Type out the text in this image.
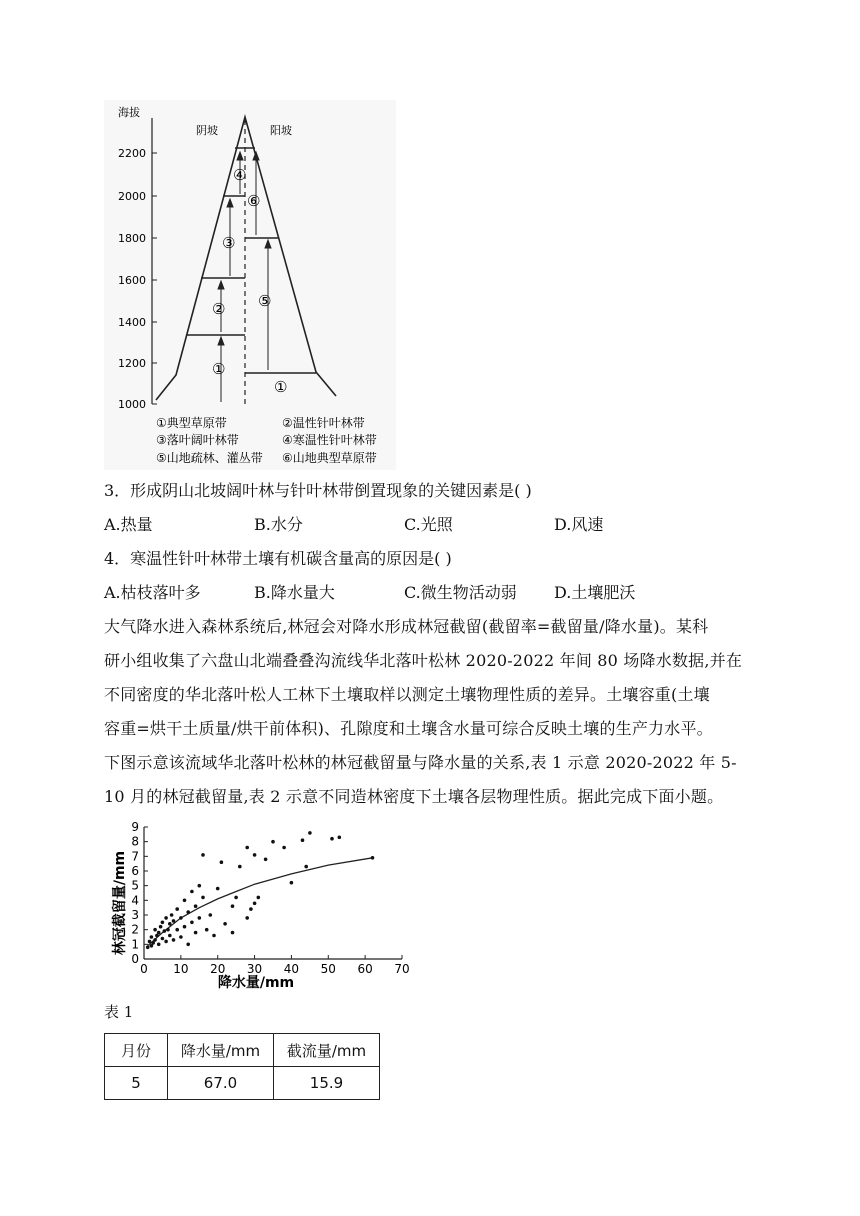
海拔
2200
2000
1800
1600
1400
1200
1000
阴坡	阳坡
④
③
②
①
⑥
⑤
①
①典型草原带	②温性针叶林带
③落叶阔叶林带	④寒温性针叶林带
⑤山地疏林、灌丛带 ⑥山地典型草原带
3．形成阴山北坡阔叶林与针叶林带倒置现象的关键因素是( )
A.热量	B.水分	C.光照	D.风速
4．寒温性针叶林带土壤有机碳含量高的原因是( )
A.枯枝落叶多	B.降水量大	C.微生物活动弱 D.土壤肥沃
大气降水进入森林系统后,林冠会对降水形成林冠截留(截留率=截留量/降水量)。某科
研小组收集了六盘山北端叠叠沟流线华北落叶松林 2020-2022 年间 80 场降水数据,并在
不同密度的华北落叶松人工林下土壤取样以测定土壤物理性质的差异。土壤容重(土壤
容重=烘干土质量/烘干前体积)、孔隙度和土壤含水量可综合反映土壤的生产力水平。
下图示意该流域华北落叶松林的林冠截留量与降水量的关系,表 1 示意 2020-2022 年 5-
10 月的林冠截留量,表 2 示意不同造林密度下土壤各层物理性质。据此完成下面小题。
林冠截留量/mm
降水量/mm
0 10 20 30 40 50 60 70
0
1
2
3
4
5
6
7
8
9
表 1
月份	降水量/mm	截流量/mm
5	67.0	15.9
